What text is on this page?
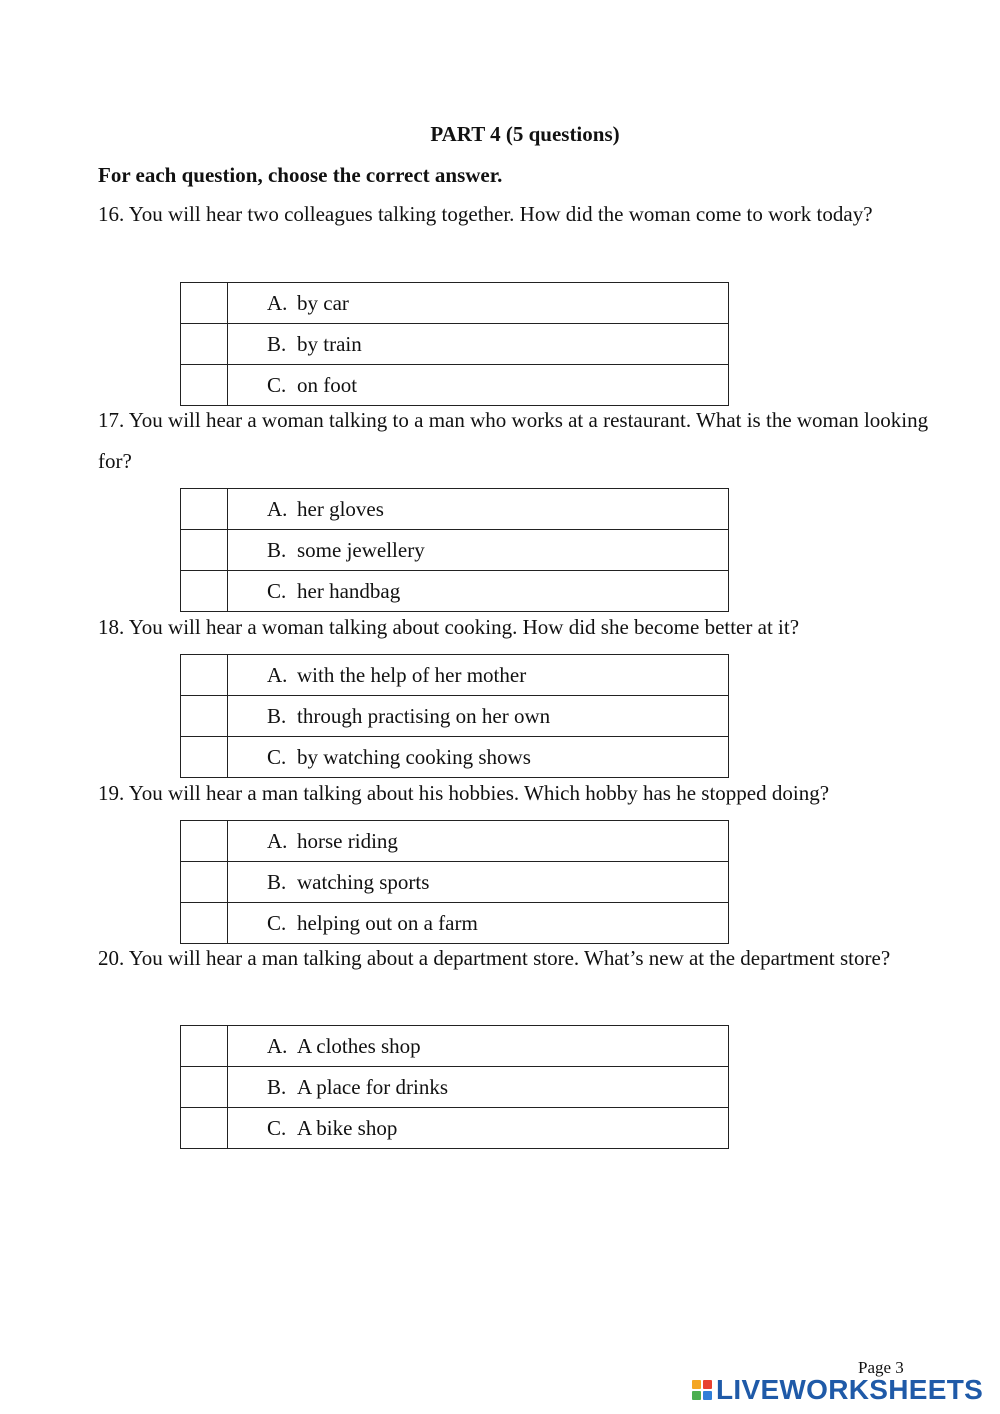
PART 4 (5 questions)
For each question, choose the correct answer.
16. You will hear two colleagues talking together. How did the woman come to work today?
	A. by car
	B. by train
	C. on foot
17. You will hear a woman talking to a man who works at a restaurant. What is the woman looking for?
	A. her gloves
	B. some jewellery
	C. her handbag
18. You will hear a woman talking about cooking. How did she become better at it?
	A. with the help of her mother
	B. through practising on her own
	C. by watching cooking shows
19. You will hear a man talking about his hobbies. Which hobby has he stopped doing?
	A. horse riding
	B. watching sports
	C. helping out on a farm
20. You will hear a man talking about a department store. What’s new at the department store?
	A. A clothes shop
	B. A place for drinks
	C. A bike shop
Page 3
LIVEWORKSHEETS
